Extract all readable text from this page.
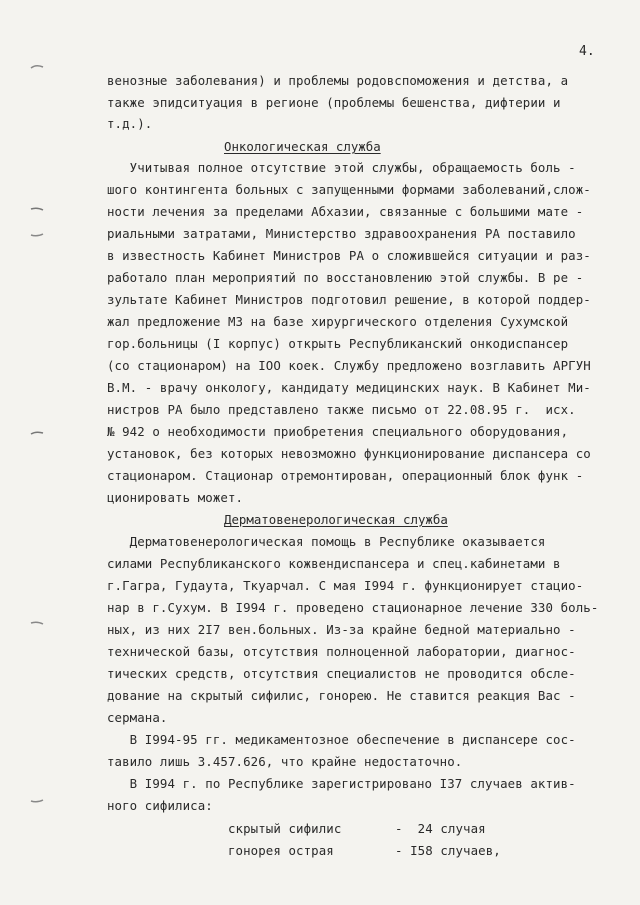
4.
венозные заболевания) и проблемы родовспоможения и детства, а
также эпидситуация в регионе (проблемы бешенства, дифтерии и
т.д.).
Онкологическая служба
Учитывая полное отсутствие этой службы, обращаемость боль -
шого контингента больных с запущенными формами заболеваний,слож-
ности лечения за пределами Абхазии, связанные с большими мате -
риальными затратами, Министерство здравоохранения РА поставило
в известность Кабинет Министров РА о сложившейся ситуации и раз-
работало план мероприятий по восстановлению этой службы. В ре -
зультате Кабинет Министров подготовил решение, в которой поддер-
жал предложение МЗ на базе хирургического отделения Сухумской
гор.больницы (I корпус) открыть Республиканский онкодиспансер
(со стационаром) на IOO коек. Службу предложено возглавить АРГУН
В.М. - врачу онкологу, кандидату медицинских наук. В Кабинет Ми-
нистров РА было представлено также письмо от 22.08.95 г.  исх.
№ 942 о необходимости приобретения специального оборудования,
установок, без которых невозможно функционирование диспансера со
стационаром. Стационар отремонтирован, операционный блок функ -
ционировать может.
Дерматовенерологическая служба
Дерматовенерологическая помощь в Республике оказывается
силами Республиканского кожвендиспансера и спец.кабинетами в
г.Гагра, Гудаута, Ткуарчал. С мая I994 г. функционирует стацио-
нар в г.Сухум. В I994 г. проведено стационарное лечение 330 боль-
ных, из них 2I7 вен.больных. Из-за крайне бедной материально -
технической базы, отсутствия полноценной лаборатории, диагнос-
тических средств, отсутствия специалистов не проводится обсле-
дование на скрытый сифилис, гонорею. Не ставится реакция Вас -
сермана.
В I994-95 гг. медикаментозное обеспечение в диспансере сос-
тавило лишь 3.457.626, что крайне недостаточно.
В I994 г. по Республике зарегистрировано I37 случаев актив-
ного сифилиса:
скрытый сифилис	-  24 случая
гонорея острая	- I58 случаев,
